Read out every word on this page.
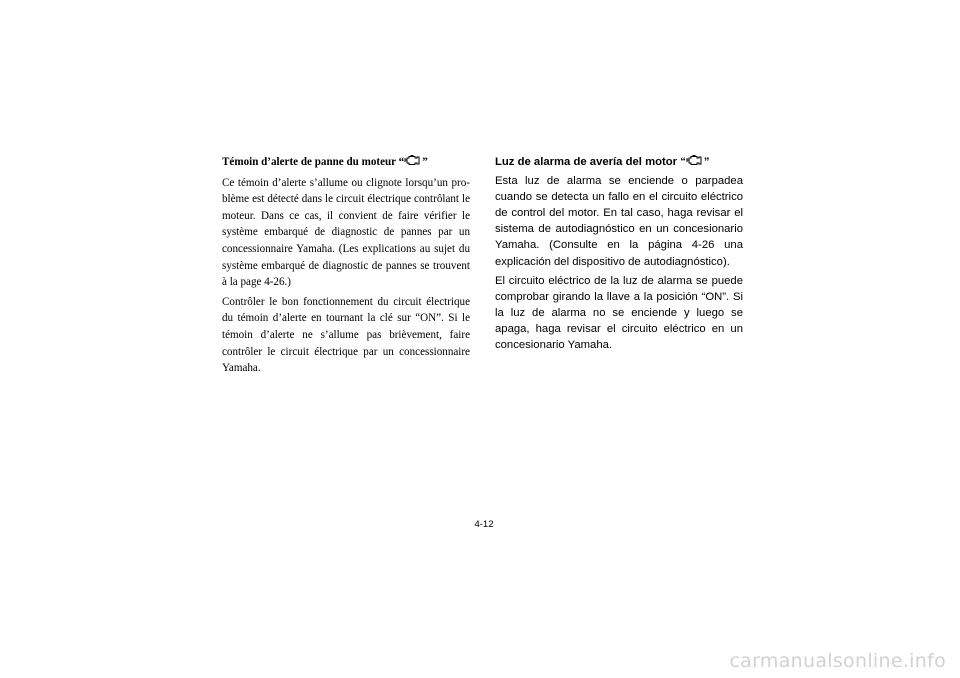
Témoin d’alerte de panne du moteur “ ”

Ce témoin d’alerte s’allume ou clignote lorsqu’un problème est détecté dans le circuit électrique contrôlant le moteur. Dans ce cas, il convient de faire vérifier le système embarqué de diagnostic de pannes par un concessionnaire Yamaha. (Les explications au sujet du système embarqué de diagnostic de pannes se trouvent à la page 4-26.)

Contrôler le bon fonctionnement du circuit électrique du témoin d’alerte en tournant la clé sur “ON”. Si le témoin d’alerte ne s’allume pas brièvement, faire contrôler le circuit électrique par un concessionnaire Yamaha.

Luz de alarma de avería del motor “ ”

Esta luz de alarma se enciende o parpadea cuando se detecta un fallo en el circuito eléctrico de control del motor. En tal caso, haga revisar el sistema de autodiagnóstico en un concesionario Yamaha. (Consulte en la página 4-26 una explicación del dispositivo de autodiagnóstico).

El circuito eléctrico de la luz de alarma se puede comprobar girando la llave a la posición “ON”. Si la luz de alarma no se enciende y luego se apaga, haga revisar el circuito eléctrico en un concesionario Yamaha.

4-12
carmanualsonline.info
